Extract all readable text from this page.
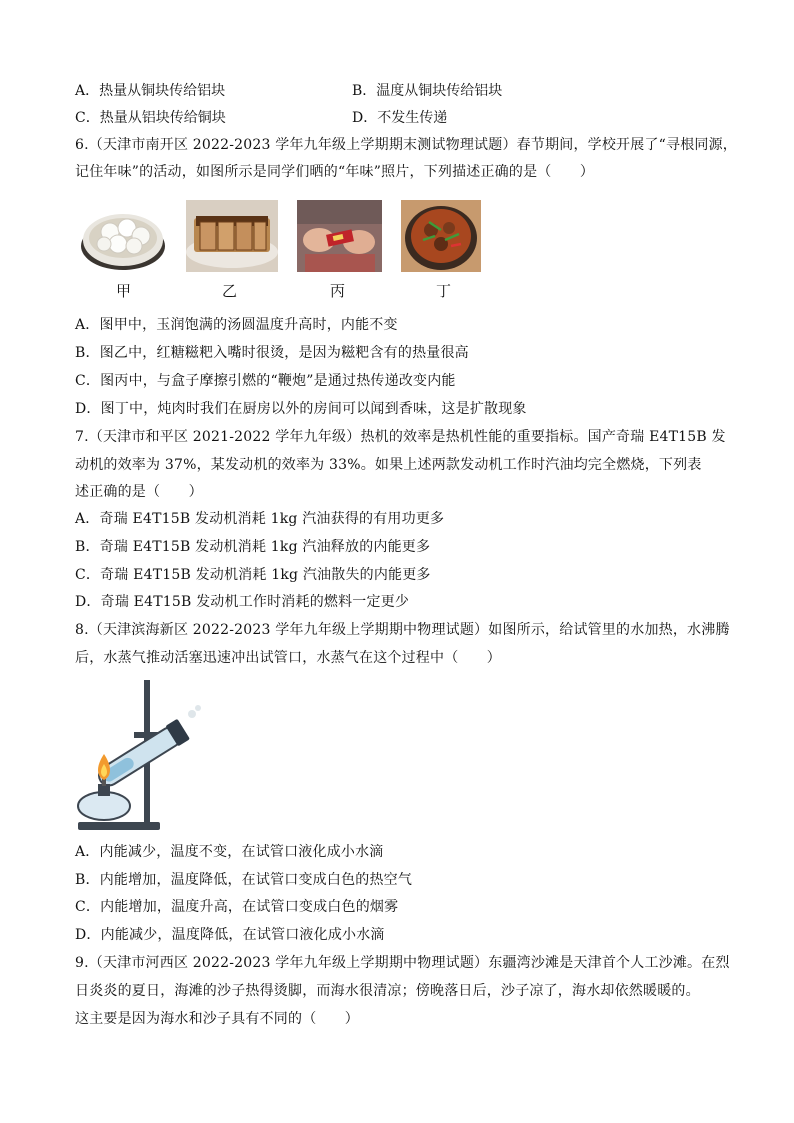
A．热量从铜块传给铝块	B．温度从铜块传给铝块
C．热量从铝块传给铜块	D．不发生传递
6.（天津市南开区 2022-2023 学年九年级上学期期末测试物理试题）春节期间，学校开展了“寻根同源，
记住年味”的活动，如图所示是同学们晒的“年味”照片，下列描述正确的是（　　）
甲	乙	丙	丁
A．图甲中，玉润饱满的汤圆温度升高时，内能不变
B．图乙中，红糖糍粑入嘴时很烫，是因为糍粑含有的热量很高
C．图丙中，与盒子摩擦引燃的“鞭炮”是通过热传递改变内能
D．图丁中，炖肉时我们在厨房以外的房间可以闻到香味，这是扩散现象
7.（天津市和平区 2021-2022 学年九年级）热机的效率是热机性能的重要指标。国产奇瑞 E4T15B 发
动机的效率为 37%，某发动机的效率为 33%。如果上述两款发动机工作时汽油均完全燃烧，下列表
述正确的是（　　）
A．奇瑞 E4T15B 发动机消耗 1kg 汽油获得的有用功更多
B．奇瑞 E4T15B 发动机消耗 1kg 汽油释放的内能更多
C．奇瑞 E4T15B 发动机消耗 1kg 汽油散失的内能更多
D．奇瑞 E4T15B 发动机工作时消耗的燃料一定更少
8.（天津滨海新区 2022-2023 学年九年级上学期期中物理试题）如图所示，给试管里的水加热，水沸腾
后，水蒸气推动活塞迅速冲出试管口，水蒸气在这个过程中（　　）
A．内能减少，温度不变，在试管口液化成小水滴
B．内能增加，温度降低，在试管口变成白色的热空气
C．内能增加，温度升高，在试管口变成白色的烟雾
D．内能减少，温度降低，在试管口液化成小水滴
9.（天津市河西区 2022-2023 学年九年级上学期期中物理试题）东疆湾沙滩是天津首个人工沙滩。在烈
日炎炎的夏日，海滩的沙子热得烫脚，而海水很清凉；傍晚落日后，沙子凉了，海水却依然暖暖的。
这主要是因为海水和沙子具有不同的（　　）
